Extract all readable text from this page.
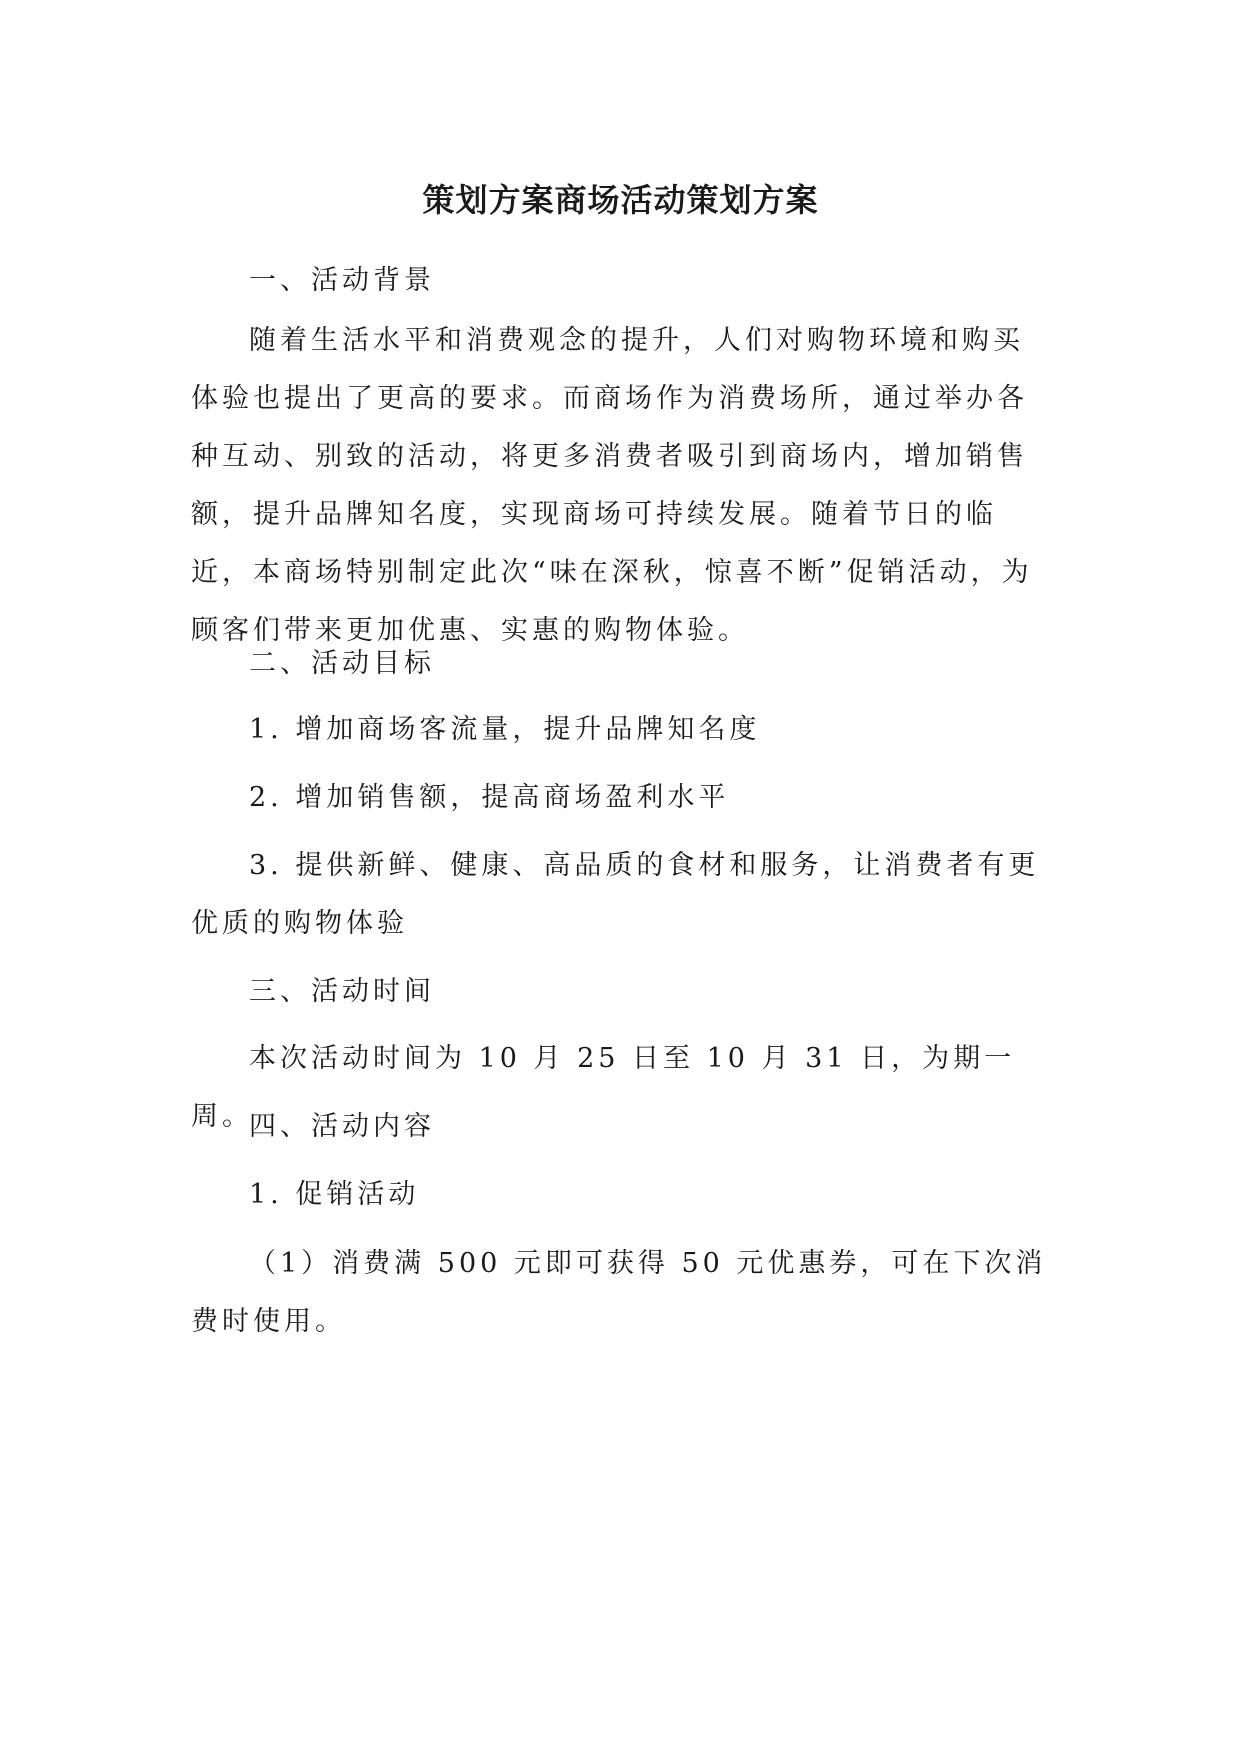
策划方案商场活动策划方案

一、活动背景

随着生活水平和消费观念的提升，人们对购物环境和购买体验也提出了更高的要求。而商场作为消费场所，通过举办各种互动、别致的活动，将更多消费者吸引到商场内，增加销售额，提升品牌知名度，实现商场可持续发展。随着节日的临近，本商场特别制定此次“味在深秋，惊喜不断”促销活动，为顾客们带来更加优惠、实惠的购物体验。

二、活动目标

1. 增加商场客流量，提升品牌知名度

2. 增加销售额，提高商场盈利水平

3. 提供新鲜、健康、高品质的食材和服务，让消费者有更优质的购物体验

三、活动时间

本次活动时间为 10 月 25 日至 10 月 31 日，为期一周。

四、活动内容

1. 促销活动

（1）消费满 500 元即可获得 50 元优惠券，可在下次消费时使用。
